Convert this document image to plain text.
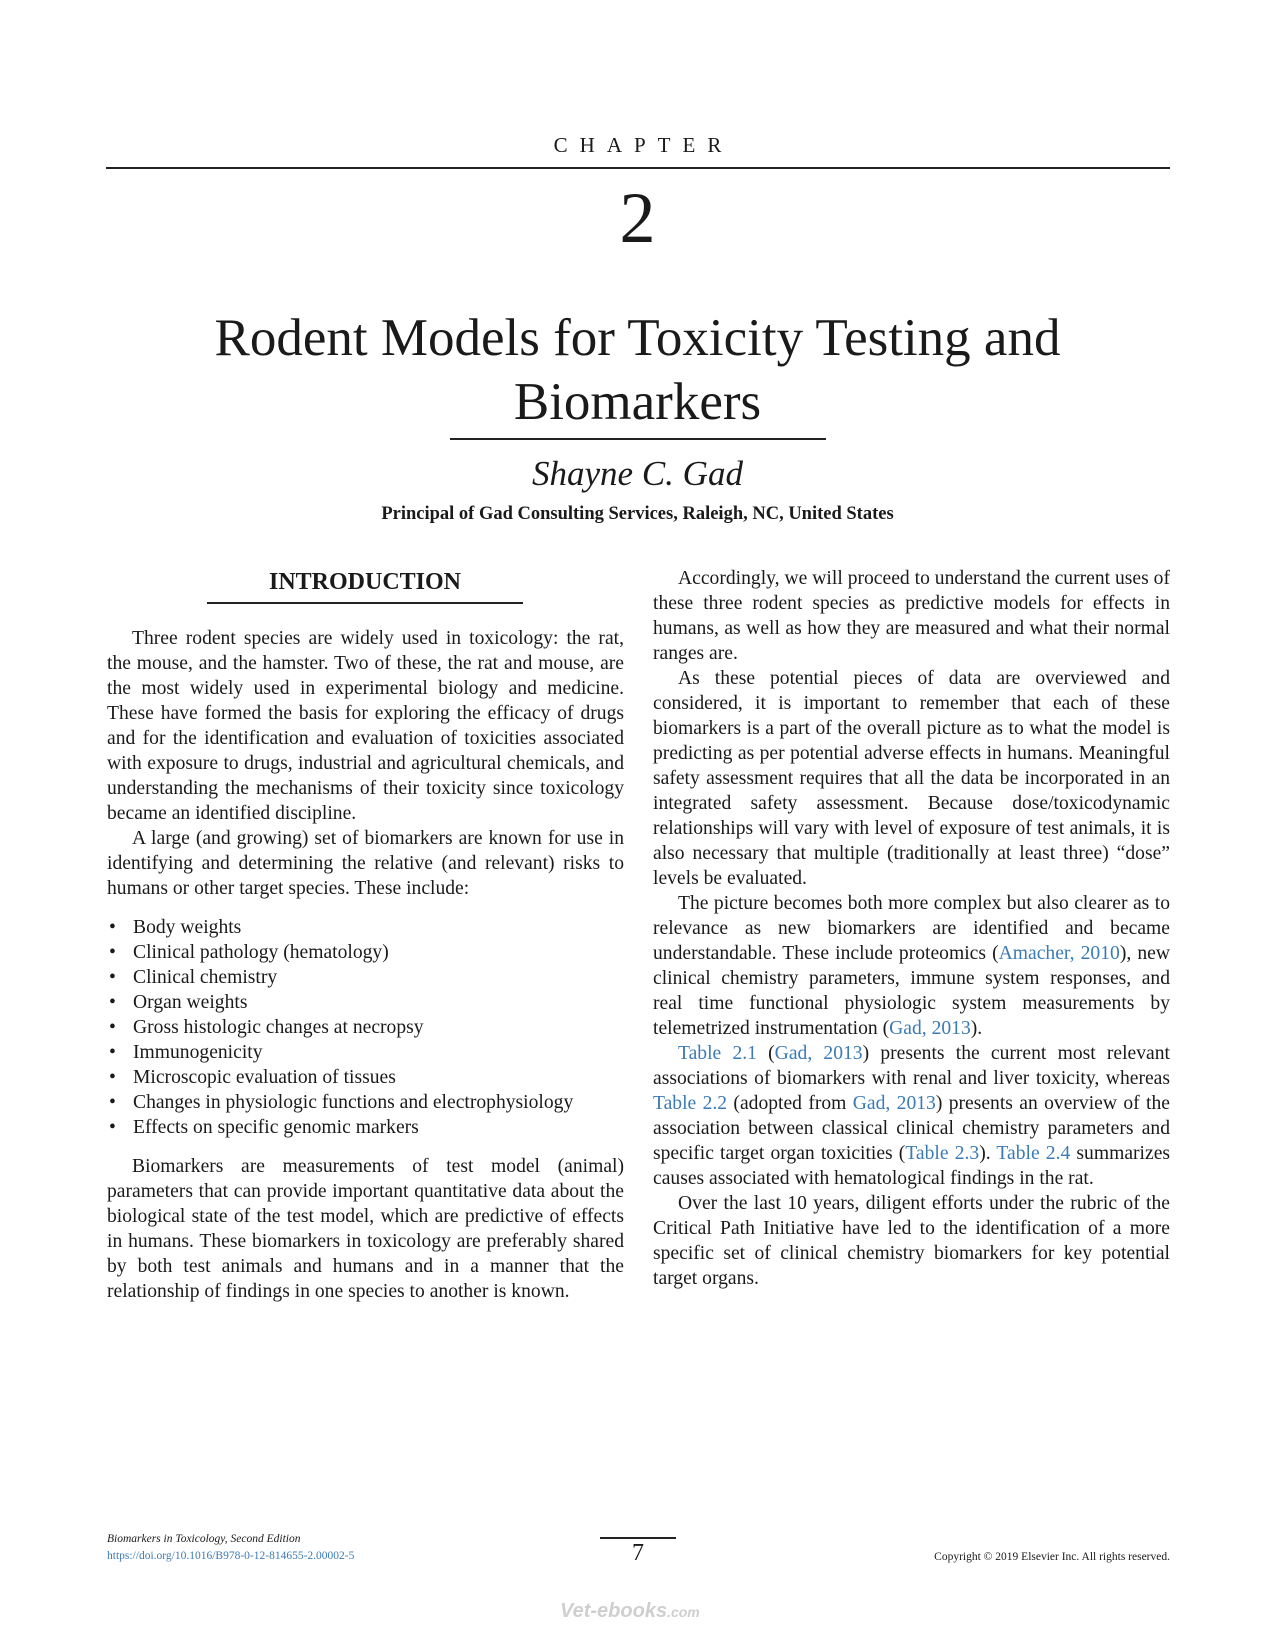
CHAPTER
2
Rodent Models for Toxicity Testing and Biomarkers
Shayne C. Gad
Principal of Gad Consulting Services, Raleigh, NC, United States
INTRODUCTION

Three rodent species are widely used in toxicology: the rat, the mouse, and the hamster. Two of these, the rat and mouse, are the most widely used in experimental biology and medicine. These have formed the basis for exploring the efficacy of drugs and for the identification and evaluation of toxicities associated with exposure to drugs, industrial and agricultural chemicals, and understanding the mechanisms of their toxicity since toxicology became an identified discipline.

A large (and growing) set of biomarkers are known for use in identifying and determining the relative (and relevant) risks to humans or other target species. These include:

• Body weights
• Clinical pathology (hematology)
• Clinical chemistry
• Organ weights
• Gross histologic changes at necropsy
• Immunogenicity
• Microscopic evaluation of tissues
• Changes in physiologic functions and electrophysiology
• Effects on specific genomic markers

Biomarkers are measurements of test model (animal) parameters that can provide important quantitative data about the biological state of the test model, which are predictive of effects in humans. These biomarkers in toxicology are preferably shared by both test animals and humans and in a manner that the relationship of findings in one species to another is known.

Accordingly, we will proceed to understand the current uses of these three rodent species as predictive models for effects in humans, as well as how they are measured and what their normal ranges are.

As these potential pieces of data are overviewed and considered, it is important to remember that each of these biomarkers is a part of the overall picture as to what the model is predicting as per potential adverse effects in humans. Meaningful safety assessment requires that all the data be incorporated in an integrated safety assessment. Because dose/toxicodynamic relationships will vary with level of exposure of test animals, it is also necessary that multiple (traditionally at least three) “dose” levels be evaluated.

The picture becomes both more complex but also clearer as to relevance as new biomarkers are identified and became understandable. These include proteomics (Amacher, 2010), new clinical chemistry parameters, immune system responses, and real time functional physiologic system measurements by telemetrized instrumentation (Gad, 2013).

Table 2.1 (Gad, 2013) presents the current most relevant associations of biomarkers with renal and liver toxicity, whereas Table 2.2 (adopted from Gad, 2013) presents an overview of the association between classical clinical chemistry parameters and specific target organ toxicities (Table 2.3). Table 2.4 summarizes causes associated with hematological findings in the rat.

Over the last 10 years, diligent efforts under the rubric of the Critical Path Initiative have led to the identification of a more specific set of clinical chemistry biomarkers for key potential target organs.

Biomarkers in Toxicology, Second Edition
https://doi.org/10.1016/B978-0-12-814655-2.00002-5	7	Copyright © 2019 Elsevier Inc. All rights reserved.
Vet-ebooks.com
